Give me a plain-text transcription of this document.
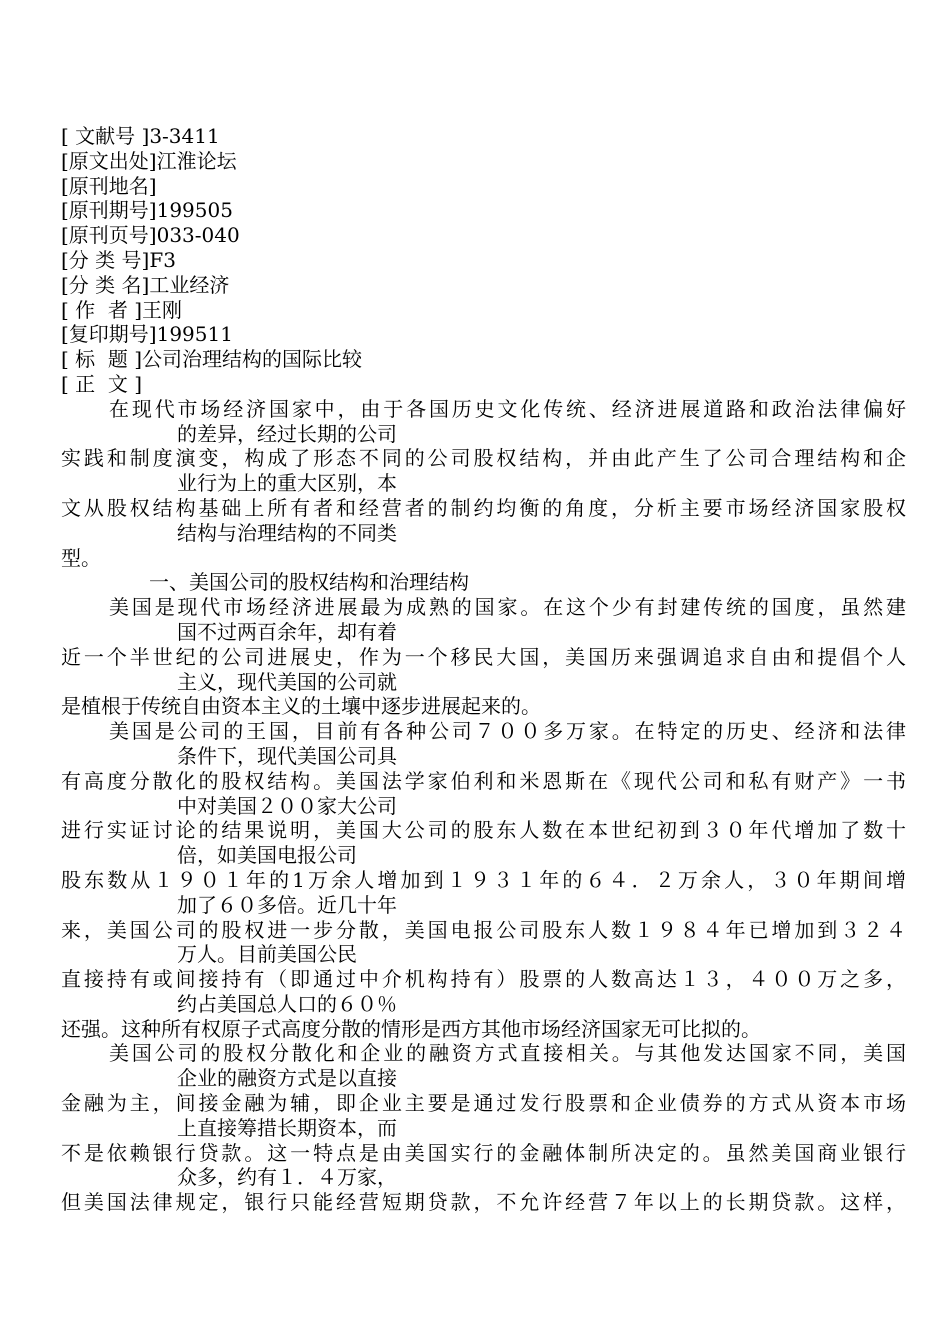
[ 文献号 ]3-3411
[原文出处]江淮论坛
[原刊地名]
[原刊期号]199505
[原刊页号]033-040
[分 类 号]F3
[分 类 名]工业经济
[ 作  者 ]王刚
[复印期号]199511
[ 标  题 ]公司治理结构的国际比较
[ 正  文 ]
在现代市场经济国家中，由于各国历史文化传统、经济进展道路和政治法律偏好
的差异，经过长期的公司
实践和制度演变，构成了形态不同的公司股权结构，并由此产生了公司合理结构和企
业行为上的重大区别，本
文从股权结构基础上所有者和经营者的制约均衡的角度，分析主要市场经济国家股权
结构与治理结构的不同类
型。
一、美国公司的股权结构和治理结构
美国是现代市场经济进展最为成熟的国家。在这个少有封建传统的国度，虽然建
国不过两百余年，却有着
近一个半世纪的公司进展史，作为一个移民大国，美国历来强调追求自由和提倡个人
主义，现代美国的公司就
是植根于传统自由资本主义的土壤中逐步进展起来的。
美国是公司的王国，目前有各种公司７００多万家。在特定的历史、经济和法律
条件下，现代美国公司具
有高度分散化的股权结构。美国法学家伯利和米恩斯在《现代公司和私有财产》一书
中对美国２００家大公司
进行实证讨论的结果说明，美国大公司的股东人数在本世纪初到３０年代增加了数十
倍，如美国电报公司
股东数从１９０１年的1万余人增加到１９３１年的６４．２万余人，３０年期间增
加了６０多倍。近几十年
来，美国公司的股权进一步分散，美国电报公司股东人数１９８４年已增加到３２４
万人。目前美国公民
直接持有或间接持有（即通过中介机构持有）股票的人数高达１３，４００万之多，
约占美国总人口的６０％
还强。这种所有权原子式高度分散的情形是西方其他市场经济国家无可比拟的。
美国公司的股权分散化和企业的融资方式直接相关。与其他发达国家不同，美国
企业的融资方式是以直接
金融为主，间接金融为辅，即企业主要是通过发行股票和企业债券的方式从资本市场
上直接筹措长期资本，而
不是依赖银行贷款。这一特点是由美国实行的金融体制所决定的。虽然美国商业银行
众多，约有１．４万家，
但美国法律规定，银行只能经营短期贷款，不允许经营７年以上的长期贷款。这样，
